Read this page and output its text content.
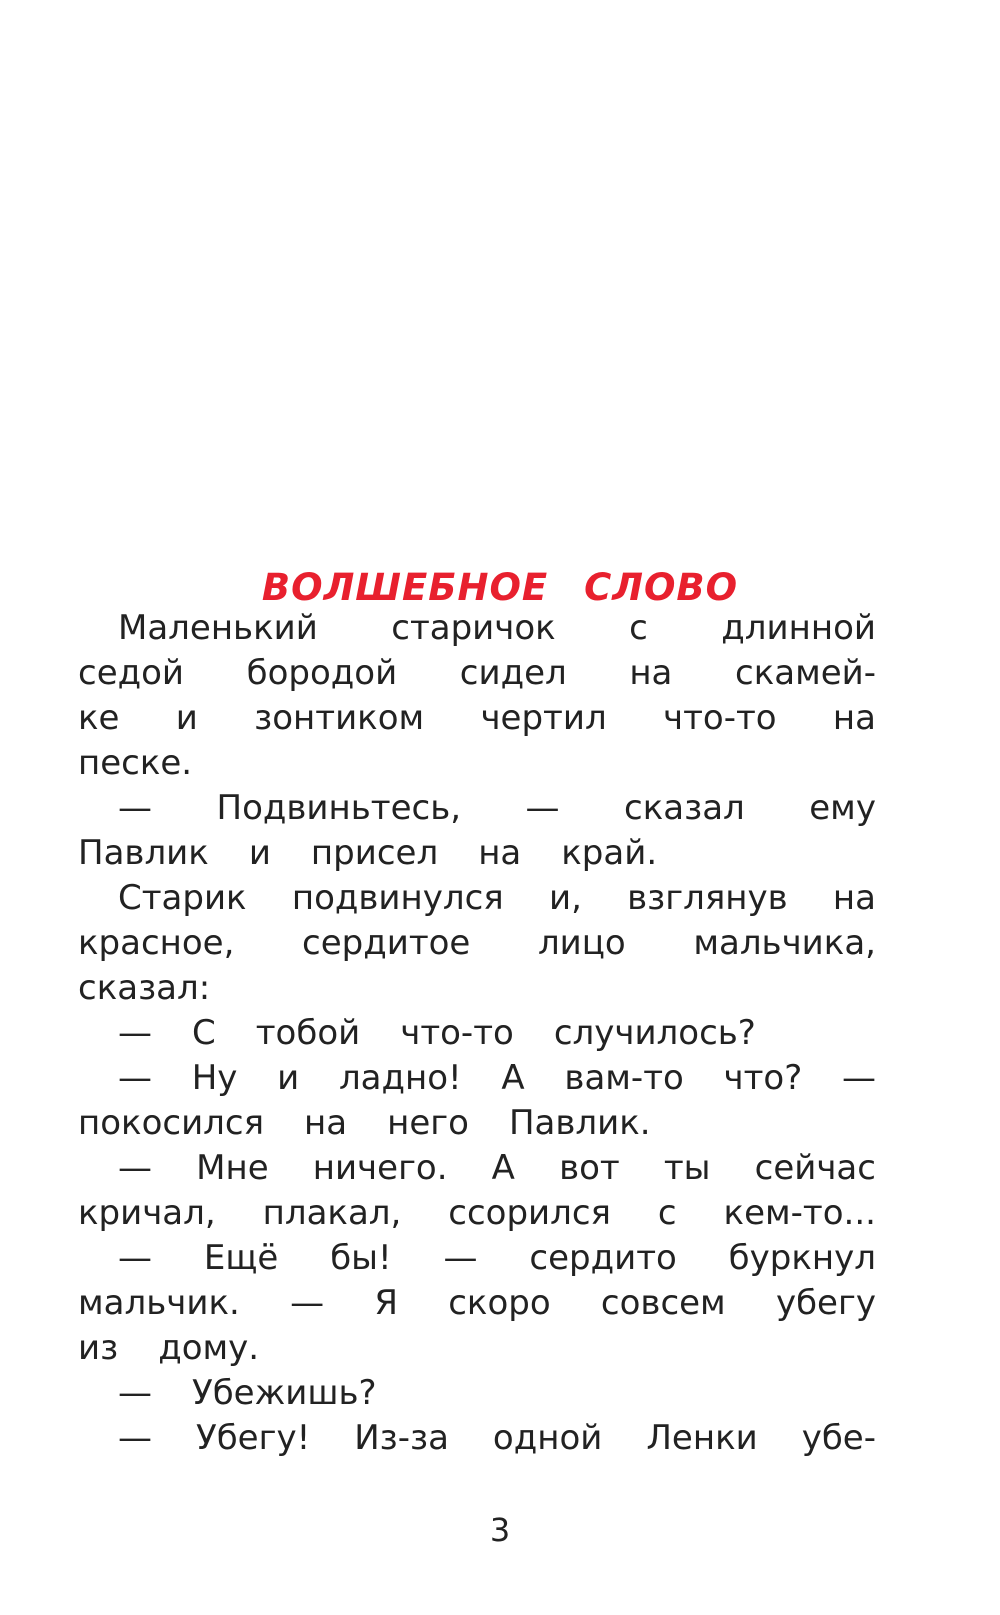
ВОЛШЕБНОЕ СЛОВО
Маленький старичок с длинной
седой бородой сидел на скамей-
ке и зонтиком чертил что-то на
песке.
— Подвиньтесь, — сказал ему
Павлик и присел на край.
Старик подвинулся и, взглянув на
красное, сердитое лицо мальчика,
сказал:
— С тобой что-то случилось?
— Ну и ладно! А вам-то что? —
покосился на него Павлик.
— Мне ничего. А вот ты сейчас
кричал, плакал, ссорился с кем-то...
— Ещё бы! — сердито буркнул
мальчик. — Я скоро совсем убегу
из дому.
— Убежишь?
— Убегу! Из-за одной Ленки убе-
3
